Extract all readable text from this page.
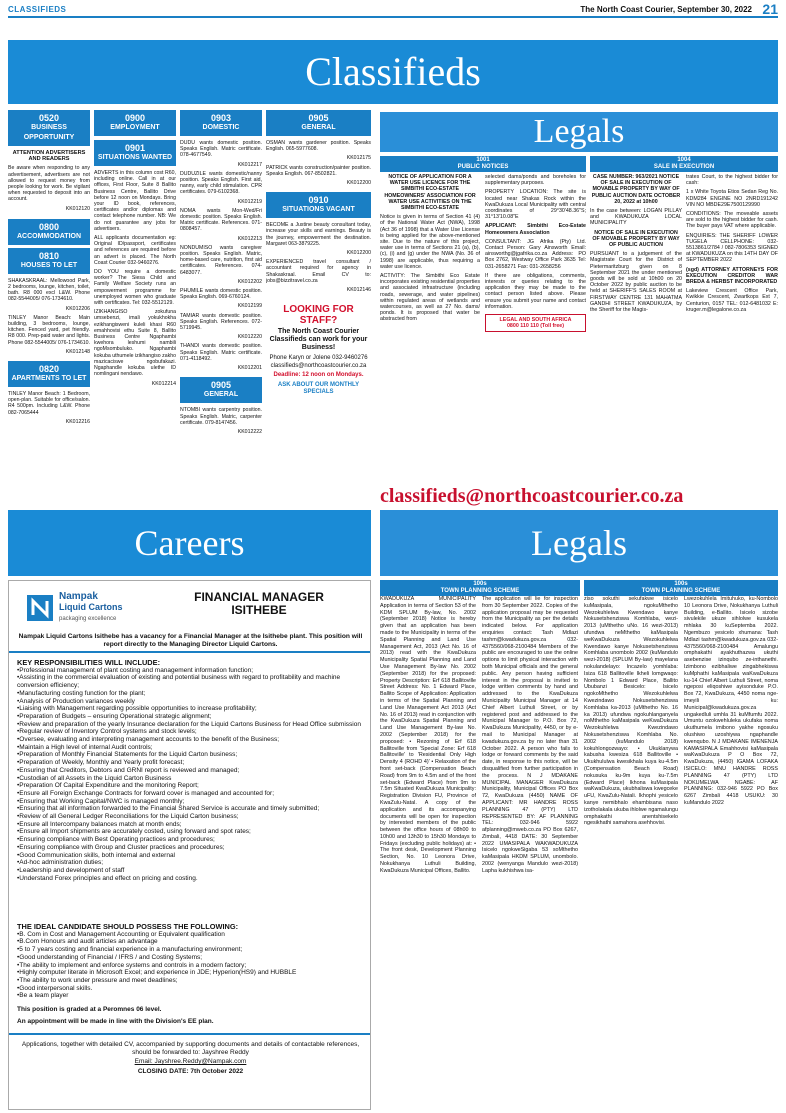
CLASSIFIEDS	The North Coast Courier, September 30, 2022 21
Classifieds
0520
BUSINESS OPPORTUNITY

ATTENTION ADVERTISERS AND READERS

Be aware when responding to any advertisement, advertisers are not allowed to request money from people looking for work. Be vigilant when requested to deposit into an account.

KK012120

0800
ACCOMMODATION
0810
HOUSES TO LET

SHAKASKRAAL: Mellowood Park, 2 bedrooms, lounge, kitchen, toilet, bath. R8 000 excl L&W. Phone 082-5544005/ 076-1734610.

KK012206

TINLEY Manor Beach: Main building, 3 bedrooms, lounge, kitchen. Fenced yard, pet friendly. R8 000. Prep-paid water and lights. Phone 082-5544005/ 076-1734610.

KK012148

0820
APARTMENTS TO LET

TINLEY Manor Beach: 1 Bedroom, open-plan. Suitable for office/salon. R4 500pm. Including L&W. Phone 082-7065444

KK012216

0900
EMPLOYMENT
0901
SITUATIONS WANTED

ADVERTS in this column cost R60, including online. Call in at our offices, First Floor, Suite 8 Ballito Business Centre, Ballito Drive before 12 noon on Mondays. Bring your ID book, references, certificates and/or diplomas and contact telephone number. NB: We do not guarantee any jobs for advertisers.

ALL applicants documentation eg: Original ID/passport, certificates and references are required before an advert is placed. The North Coast Courier 032-9460276.

DO YOU require a domestic worker? The Siesa Child and Family Welfare Society runs an empowerment programme for unemployed women who graduate with certificates. Tel: 032-5512129.

IZIKHANGISO zokufuna umsebenzi, imali yokukhokha ezikhangisweni kuleli khasi R60 emahhovisi ethu Suite 8, Ballito Business Centre Ngaphambi kwehora leshumi nambili ngoMsombuluko. Ngaphambi kokuba uthumele izikhangiso zakho mazicaciswe ngobufakazi. Ngaphandle kokuba ulethe ID nomlingani nendawo.

KK012214

0903
DOMESTIC

DUDU wants domestic position. Speaks English. Matric certificate. 078-4677549.

KK012217

DUDUZILE wants domestic/nanny position. Speaks English. First aid, nanny, early child stimulation. CPR certificates. 079-6102368.

KK012219

NOMA wants Mon-Wed/Fri domestic position. Speaks English. Matric certificate. References. 071-0808457.

KK012213

NONDUMISO wants caregiver position. Speaks English. Matric, home-based care, nutrition, first aid certificates. References. 074-6483077.

KK012202

PHUMILE wants domestic position. Speaks English. 069-6760124.

KK012199

TAMIAR wants domestic position. Speaks English. References. 072-5719945.

KK012220

THANDI wants domestic position. Speaks English. Matric certificate. 071-4118492.

KK012201

0905
GENERAL

NTOMBI wants carpentry position. Speaks English. Matric, carpenter certificate. 079-8147456.

KK012222

0905
GENERAL

OSMAN wants gardener position. Speaks English. 065-5977608.

KK012175

PATRICK wants construction/painter position. Speaks English. 067-8502821.

KK012200

0910
SITUATIONS VACANT

BECOME a Justine beauty consultant today, increase your skills and earnings. Beauty is the journey, empowerment the destination. Margaret 063-3879225.

KK012200

EXPERIENCED travel consultant / accountant required for agency in Shakaskraal. Email CV to: jobs@bizzitravel.co.za

KK012146

LOOKING FOR STAFF?
The North Coast Courier Classifieds can work for your Business!
Phone Karyn or Jolene 032-9460276 classifieds@northcoastcourier.co.za
Deadline: 12 noon on Mondays.
ASK ABOUT OUR MONTHLY SPECIALS
Legals
1001
PUBLIC NOTICES

NOTICE OF APPLICATION FOR A WATER USE LICENCE FOR THE SIMBITHI ECO-ESTATE HOMEOWNERS' ASSOCIATION FOR WATER USE ACTIVITIES ON THE SIMBITHI ECO-ESTATE

Notice is given in terms of Section 41 (4) of the National Water Act (NWA), 1998 (Act 36 of 1998) that a Water Use License is being applied for the above-mentioned site. Due to the nature of this project, water use in terms of Sections 21 (a), (b), (c), (i) and (g) under the NWA (No. 36 of 1998) are applicable, thus requiring a water use licence.

ACTIVITY: The Simbithi Eco Estate incorporates existing residential properties and associated infrastructure (including roads, sewerage, and water pipelines) within regulated areas of wetlands and watercourses, as well as 27 No. dams/ ponds. It is proposed that water be abstracted from

selected dams/ponds and boreholes for supplementary purposes.

PROPERTY LOCATION: The site is located near Shakas Rock within the KwaDukuza Local Municipality with central coordinates of 29°30'48.36"S; 31°13'10.08"E

APPLICANT: Simbithi Eco-Estate Homeowners Association

CONSULTANT: JG Afrika (Pty) Ltd. Contact Person: Gary Ainsworth Email: ainsworthg@jgafrika.co.za Address: PO Box 2762, Westway Office Park 3635 Tel: 031-2658271 Fax: 031-2658256

If there are obligations, comments, interests or queries relating to the application they may be made to the contact person listed above. Please ensure you submit your name and contact information.

LEGAL AND SOUTH AFRICA
0800 110 110 (Toll free)
1004
SALE IN EXECUTION

CASE NUMBER: 963/2021 NOTICE OF SALE IN EXECUTION OF MOVABLE PROPERTY BY WAY OF PUBLIC AUCTION DATE OCTOBER 20, 2022 at 10h00

In the case between: LOGAN PILLAY and KWADUKUZA LOCAL MUNICIPALITY

NOTICE OF SALE IN EXECUTION OF MOVABLE PROPERTY BY WAY OF PUBLIC AUCTION

PURSUANT to a judgement of the Magistrate Court for the District of Pietermaritzburg given on 8 September 2021 the under mentioned goods will be sold at 10h00 on 20 October 2022 by public auction to be held at SHERIFF'S SALES ROOM at FIRSTWAY CENTRE 131 MAHATMA GANDHI STREET KWADUKUZA, by the Sheriff for the Magis-

trates Court, to the highest bidder for cash:

1 x White Toyota Etios Sedan Reg No. KDM284 ENGINE NO 2NRD191242 VIN NO MBDE29E7500129990

CONDITIONS: The moveable assets are sold to the highest bidder for cash. The buyer pays VAT where applicable.

ENQUIRIES: THE SHERIFF LOWER TUGELA CELLPHONE: 032-5513861/2784 / 082-7806353 SIGNED at KWADUKUZA on this 14TH DAY OF SEPTEMBER 2022

(sgd) ATTORNEY ATTORNEYS FOR EXECUTION CREDITOR WAR BREDA & HERBST INCORPORATED

Lakeview Crescent Office Park, Kwikkie Crescent, Zwartkops Ext 7, Centurion, 0157 TEL: 012-6481032 E: kruger.m@legalone.co.za

classifieds@northcoastcourier.co.za
Careers	Legals
Nampak
Liquid Cartons
packaging excellence
FINANCIAL MANAGER
ISITHEBE
Nampak Liquid Cartons Isithebe has a vacancy for a Financial Manager at the Isithebe plant. This position will report directly to the Managing Director Liquid Cartons.
KEY RESPONSIBILITIES WILL INCLUDE:
• Professional management of plant costing and management information function;
• Assisting in the commercial evaluation of existing and potential business with regard to profitability and machine conversion efficiency;
• Manufacturing costing function for the plant;
• Analysis of Production variances weekly
• Liaising with Management regarding possible opportunities to increase profitability;
• Preparation of Budgets – ensuring Operational strategic alignment;
• Review and preparation of the yearly Insurance declaration for the Liquid Cartons Business for Head Office submission
• Regular review of Inventory Control systems and stock levels;
• Oversee, evaluating and interpreting management accounts to the benefit of the Business;
• Maintain a High level of internal Audit controls;
• Preparation of Monthly Financial Statements for the Liquid Carton business;
• Preparation of Weekly, Monthly and Yearly profit forecast;
• Ensuring that Creditors, Debtors and GRNI report is reviewed and managed;
• Custodian of all Assets in the Liquid Carton Business
• Preparation Of Capital Expenditure and the monitoring Report;
• Ensure all Foreign Exchange Contracts for forward cover is managed and accounted for;
• Ensuring that Working Capital/NWC is managed monthly;
• Ensuring that all information forwarded to the Financial Shared Service is accurate and timely submitted;
• Review of all General Ledger Reconciliations for the Liquid Carton business;
• Ensure all Intercompany balances match at month ends;
• Ensure all Import shipments are accurately costed, using forward and spot rates;
• Ensuring compliance with Best Operating practices and procedures;
• Ensuring compliance with Group and Cluster practices and procedures;
• Good Communication skills, both internal and external
• Ad-hoc administration duties;
• Leadership and development of staff
• Understand Forex principles and effect on pricing and costing.
THE IDEAL CANDIDATE SHOULD POSSESS THE FOLLOWING:
• B. Com in Cost and Management Accounting or Equivalent qualification
• B.Com Honours and audit articles an advantage
• 5 to 7 years costing and financial experience in a manufacturing environment;
• Good understanding of Financial / IFRS / and Costing Systems;
• The ability to implement and enforce systems and controls in a modern factory;
• Highly computer literate in Microsoft Excel; and experience in JDE; Hyperion(HS9) and HUBBLE
• The ability to work under pressure and meet deadlines;
• Good interpersonal skills.
• Be a team player
This position is graded at a Peromnes 06 level.
An appointment will be made in line with the Division's EE plan.
Applications, together with detailed CV, accompanied by supporting documents and details of contactable references, should be forwarded to: Jayshree Reddy
Email: Jayshree.Reddy@Nampak.com
CLOSING DATE: 7th October 2022
100s
TOWN PLANNING SCHEME
KWADUKUZA MUNICIPALITY Application in terms of Section 53 of the KDM SPLUM By-law, No. 2002 (September 2018) Notice is hereby given that an application has been made to the Municipality in terms of the Spatial Planning and Land Use Management Act, 2013 (Act No. 16 of 2013) read with the KwaDukuza Municipality Spatial Planning and Land Use Management By-law No. 2002 (September 2018) for the proposed: Property Description: Erf 618 Ballitoville Street Address: No. 1 Edward Place, Ballito Scope of Application: Application in terms of the Spatial Planning and Land Use Management Act 2013 (Act No. 16 of 2013) read in conjunction with the KwaDukuza Spatial Planning and Land Use Management By-law No. 2002 (September 2018) for the proposed: • Rezoning of Erf 618 Ballitoville from 'Special Zone: Erf 618 Ballitoville' to 'Residential Only High Density 4 (ROHD 4)' • Relaxation of the front set-back (Compensation Beach Road) from 9m to 4.5m and of the front set-back (Edward Place) from 9m to 7.5m Situated KwaDukuza Municipality: Registration Division FU, Province of KwaZulu-Natal. A copy of the application and its accompanying documents will be open for inspection by interested members of the public between the office hours of 08h00 to 10h00 and 13h30 to 15h30 Mondays to Fridays (excluding public holidays) at: • The front desk, Development Planning Section, No. 10 Leonora Drive, Nokukhanya Luthuli Building, KwaDukuza Municipal Offices, Ballito.
The application will lie for inspection from 30 September 2022. Copies of the application proposal may be requested from the Municipality as per the details indicated below. For application enquiries contact: Tash Mdlazi tashm@kwadukuza.gov.za 032-4375560/068-2100484 Members of the public are encouraged to use the online options to limit physical interaction with both Municipal officials and the general public. Any person having sufficient interest in the proposal is invited to lodge written comments by hand and addressed to the KwaDukuza Municipality Municipal Manager at 14 Chief Albert Luthuli Street, or by registered post and addressed to the Municipal Manager to P.O. Box 72, KwaDukuza Municipality, 4450, or by e-mail to Municipal Manager at kwadukuza.gov.za by no later than 31 October 2022. A person who fails to lodge or forward comments by the said date, in response to this notice, will be disqualified from further participation in the process. N J MDAKANE MUNICIPAL MANAGER KwaDukuza Municipality, Municipal Offices PO Box 72, KwaDukuza (4450) NAME OF APPLICANT: MR HANDRE ROSS PLANNING 47 (PTY) LTD REPRESENTED BY: AF PLANNING TEL: 032-946 5922 afplanning@mweb.co.za PO Box 6267, Zimbali, 4418 DATE: 30 September 2022 UMASIPALA WAKWADUKUZA Isicelo ngokweSigaba 53 soMthetho kaMasipala HKDM SPLUM, unombolo. 2002 (wenyanga Mandulo wezi-2018) Lapha kukhishwa isa-
100s
TOWN PLANNING SCHEME
ziso sokuthi sekufakwe isicelo kuMasipala, ngokuMthetho Wezokuhlelwa Kwendawo kanye Nokusetshenziswa Komhlaba, wezi-2013 (uMthetho uNo. 16 wezi-2013) ufundwa neMthetho kaMasipala weKwaDukuza Wezokuhlelwa Kwendawo kanye Nokusetshenziswa Komhlaba unombolo 2002 (kuMandulo wezi-2018) (SPLUM By-law) mayelana nokulandelayo: Incazelo yomhlaba: Isiza 618 Ballitoville Ikheli lomgwaqo: Nombolo 1 Edward Place, Ballito Ububanzi Besicelo: Isicelo ngokoMthetho Wezokuhlelwa Kwezindawo Nokusetshenziswa Komhlaba ka-2013 (uMthetho No. 16 ka 2013) ufundwa ngokuhlanganyela noMthetho kaMasipala weKwaDukuza Wezokuhlelwa Kwezindawo Nokusetshenziswa Komhlaba No. 2002 (kuMandulo 2018) kokuhlongozwayo: • Ukuklanywa kabusha kwesiza 618 Ballitoville • Ukukhululwa kwesikhala kuya ku-4.5m (Compensation Beach Road) nokusuka ku-9m kuya ku-7.5m (Edward Place) Ikhona kuMasipala waKwaDukuza, ukubhaliswa kwegceke uFU, KwaZulu-Natali. Ikhophi yesicelo kanye nemibhalo ehambisana naso izotholakala ukuba ihlolwe ngamalungu omphakathi anentshisekelo ngesikhathi samahora asehhovisi.
Lwezokuhlela Imituhuko, ku-Nombolo 10 Leonora Drive, Nokukhanya Luthuli Building, e-Ballito. Isicelo sizobe sivulekile ukuze sihlolwe kusukela mhlaka 30 kuSeptemba 2022. Ngembuzo yesicelo xhumana: Tash Mdlazi tashm@kwadukuza.gov.za 032-4375560/068-2100484 Amalungu omphakathi ayakhuthazwa ukuthi asebenzise izinqubo ze-inthanethi. Izimbono ezibhaliwe zingabhekiswa kuMphathi kaMasipala waKwaDukuza ku-14 Chief Albert Luthuli Street, noma ngeposi eliqoshiwe ayisonduke P.O. Box 72, KwaDukuza, 4450 noma nge-imeyili ku: Municipal@kwadukuza.gov.za ungakedluli umhla 31 kuMfumfu 2022. Umuntu ozokwehluleka ukufaka noma ukuthumela imibono yakhe ngosuku olushiwo uzoshiywa ngaphandle kwenqubo. N J MDAKANE IMENENJA KAMASIPALA Emahhovisi kaMasipala waKwaDukuza P O Box 72, KwaDukuza, (4450) IGAMA LOFAKA ISICELO: MNU HANDRE ROSS PLANNING 47 (PTY) LTD NOKUMELWA NGABE: AF PLANNING: 032-946 5922 PO Box 6267 Zimbali 4418 USUKU: 30 kuMandulo 2022
